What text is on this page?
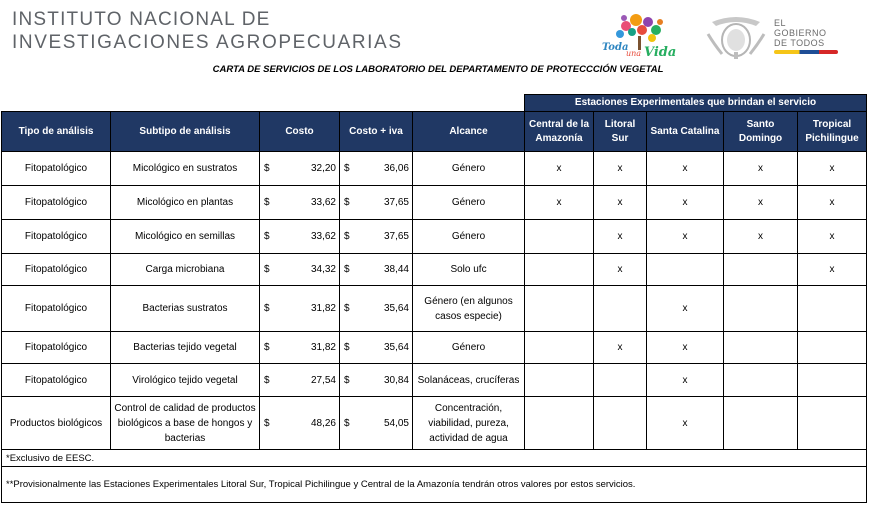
INSTITUTO NACIONAL DE
INVESTIGACIONES AGROPECUARIAS	Toda
una Vida
EL
GOBIERNO
DE TODOS
CARTA DE SERVICIOS DE LOS LABORATORIO DEL DEPARTAMENTO DE PROTECCCIÓN VEGETAL
					Estaciones Experimentales que brindan el servicio				
Tipo de análisis	Subtipo de análisis	Costo	Costo + iva	Alcance	Central de la Amazonía	Litoral Sur	Santa Catalina	Santo Domingo	Tropical Pichilingue
Fitopatológico	Micológico en sustratos	$ 32,20	$ 36,06	Género	x	x	x	x	x
Fitopatológico	Micológico en plantas	$ 33,62	$ 37,65	Género	x	x	x	x	x
Fitopatológico	Micológico en semillas	$ 33,62	$ 37,65	Género		x	x	x	x
Fitopatológico	Carga microbiana	$ 34,32	$ 38,44	Solo ufc		x			x
Fitopatológico	Bacterias sustratos	$ 31,82	$ 35,64	Género (en algunos casos especie)			x		
Fitopatológico	Bacterias tejido vegetal	$ 31,82	$ 35,64	Género		x	x		
Fitopatológico	Virológico tejido vegetal	$ 27,54	$ 30,84	Solanáceas, crucíferas			x		
Productos biológicos	Control de calidad de productos biológicos a base de hongos y bacterias	$ 48,26	$ 54,05	Concentración, viabilidad, pureza, actividad de agua			x		
*Exclusivo de EESC.									
**Provisionalmente las Estaciones Experimentales Litoral Sur, Tropical Pichilingue y Central de la Amazonía tendrán otros valores por estos servicios.									
